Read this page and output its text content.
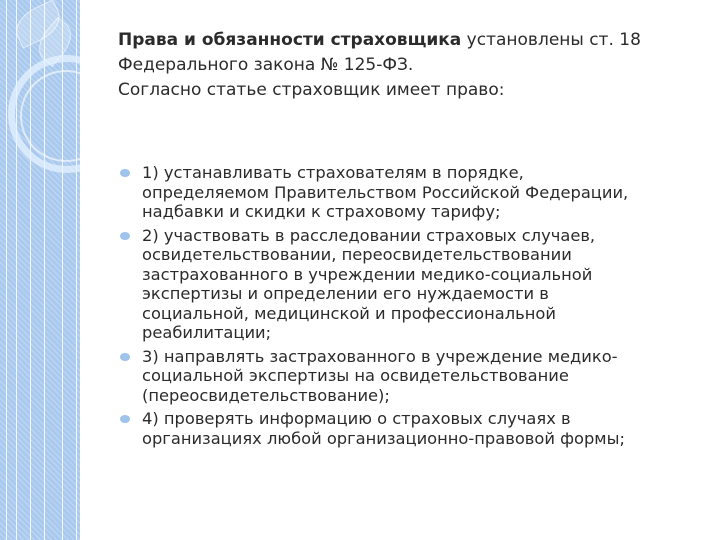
Права и обязанности страховщика установлены ст. 18
Федерального закона № 125-ФЗ.
Согласно статье страховщик имеет право:
1) устанавливать страхователям в порядке,
определяемом Правительством Российской Федерации,
надбавки и скидки к страховому тарифу;
2) участвовать в расследовании страховых случаев,
освидетельствовании, переосвидетельствовании
застрахованного в учреждении медико-социальной
экспертизы и определении его нуждаемости в
социальной, медицинской и профессиональной
реабилитации;
3) направлять застрахованного в учреждение медико-
социальной экспертизы на освидетельствование
(переосвидетельствование);
4) проверять информацию о страховых случаях в
организациях любой организационно-правовой формы;
